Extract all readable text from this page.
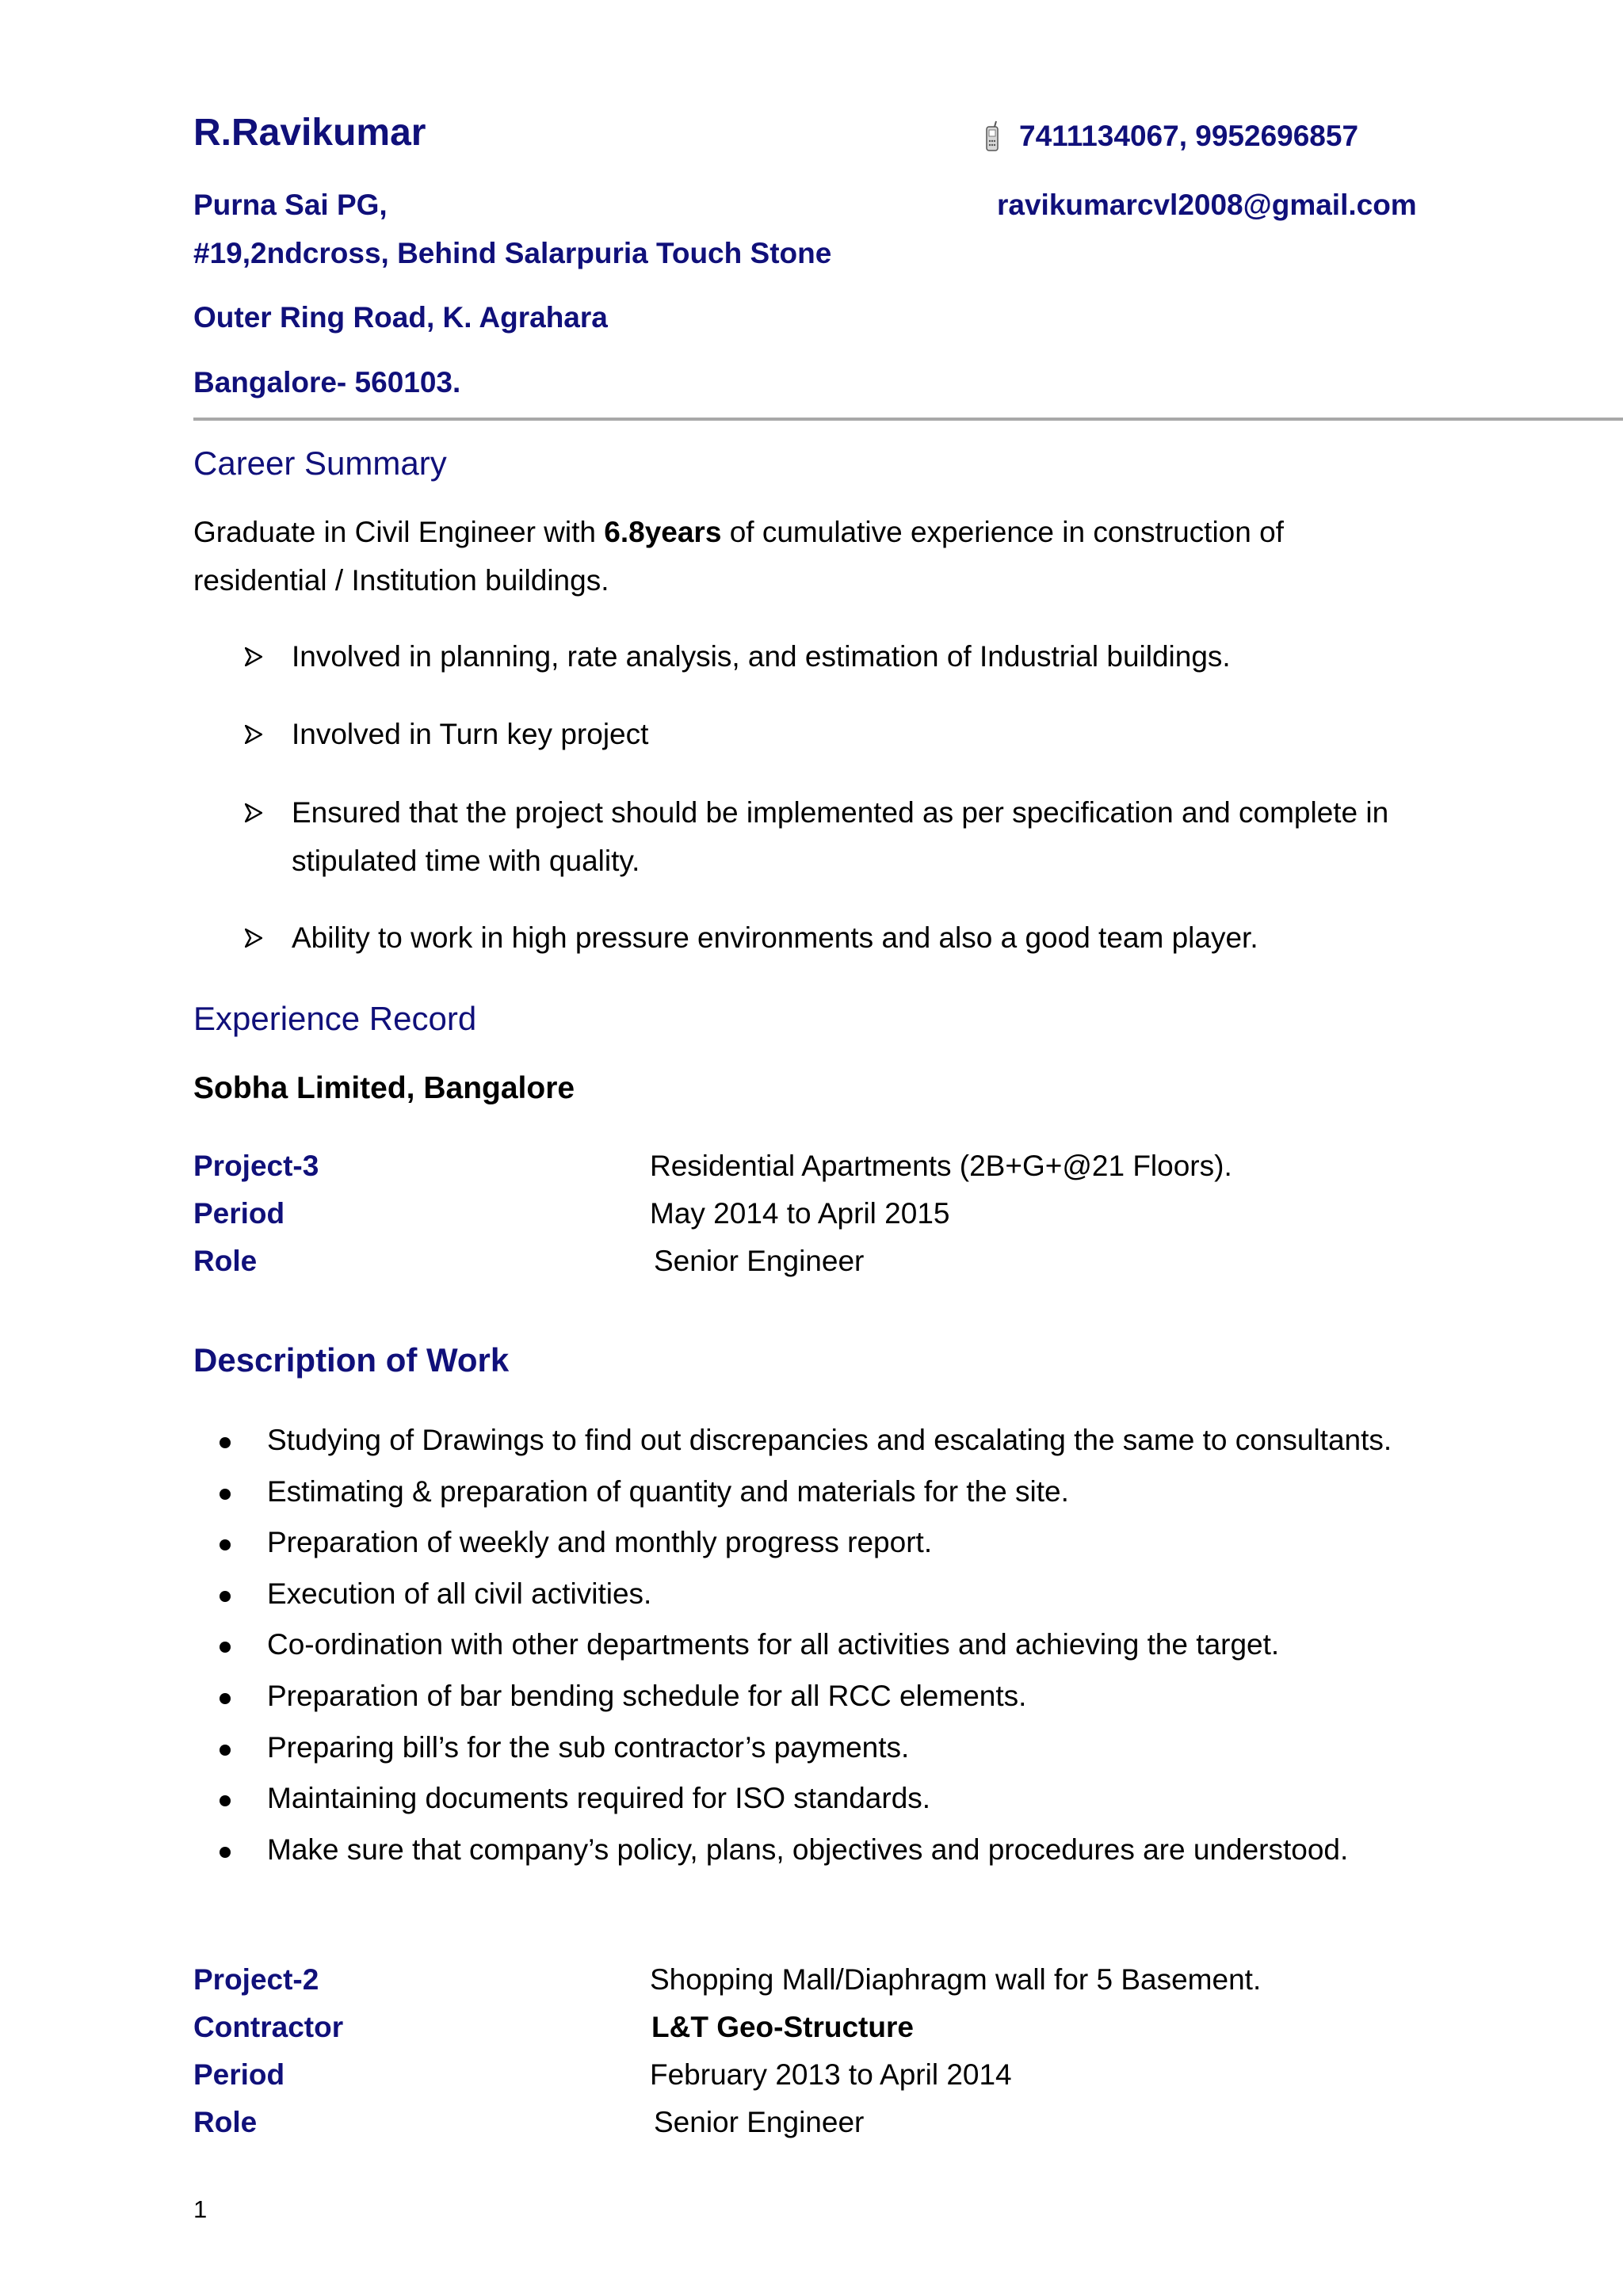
R.Ravikumar	7411134067, 9952696857
Purna Sai PG,	ravikumarcvl2008@gmail.com
#19,2ndcross, Behind Salarpuria Touch Stone
Outer Ring Road, K. Agrahara
Bangalore- 560103.
Career Summary
Graduate in Civil Engineer with 6.8years of cumulative experience in construction of
residential / Institution buildings.
Involved in planning, rate analysis, and estimation of Industrial buildings.
Involved in Turn key project
Ensured that the project should be implemented as per specification and complete in
stipulated time with quality.
Ability to work in high pressure environments and also a good team player.
Experience Record
Sobha Limited, Bangalore
Project-3	Residential Apartments (2B+G+@21 Floors).
Period	May 2014 to April 2015
Role	Senior Engineer
Description of Work
Studying of Drawings to find out discrepancies and escalating the same to consultants.
Estimating & preparation of quantity and materials for the site.
Preparation of weekly and monthly progress report.
Execution of all civil activities.
Co-ordination with other departments for all activities and achieving the target.
Preparation of bar bending schedule for all RCC elements.
Preparing bill’s for the sub contractor’s payments.
Maintaining documents required for ISO standards.
Make sure that company’s policy, plans, objectives and procedures are understood.
Project-2	Shopping Mall/Diaphragm wall for 5 Basement.
Contractor	L&T Geo-Structure
Period	February 2013 to April 2014
Role	Senior Engineer
1
